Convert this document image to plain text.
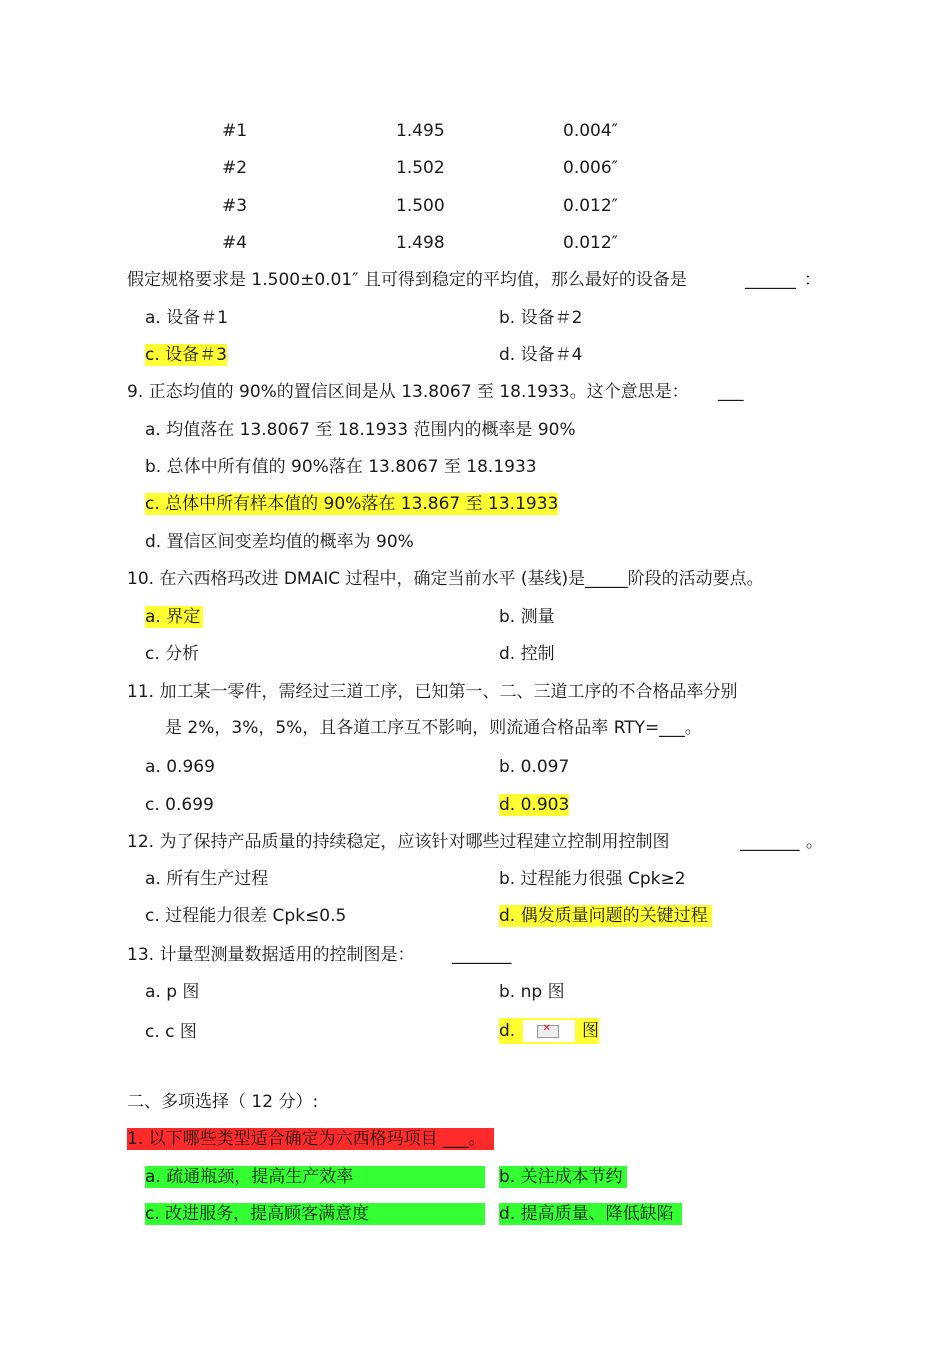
#1	1.495	0.004″
#2	1.502	0.006″
#3	1.500	0.012″
#4	1.498	0.012″
假定规格要求是 1.500±0.01″ 且可得到稳定的平均值，那么最好的设备是	______ ：
a. 设备＃1	b. 设备＃2
c. 设备＃3	d. 设备＃4
9. 正态均值的 90%的置信区间是从 13.8067 至 18.1933。这个意思是： ___
a. 均值落在 13.8067 至 18.1933 范围内的概率是 90%
b. 总体中所有值的 90%落在 13.8067 至 18.1933
c. 总体中所有样本值的 90%落在 13.867 至 13.1933
d. 置信区间变差均值的概率为 90%
10. 在六西格玛改进 DMAIC 过程中，确定当前水平 (基线)是_____阶段的活动要点。
a. 界定	b. 测量
c. 分析	d. 控制
11. 加工某一零件，需经过三道工序，已知第一、二、三道工序的不合格品率分别
是 2%，3%，5%，且各道工序互不影响，则流通合格品率 RTY=___。
a. 0.969	b. 0.097
c. 0.699	d. 0.903
12. 为了保持产品质量的持续稳定，应该针对哪些过程建立控制用控制图	_______ 。
a. 所有生产过程	b. 过程能力很强 Cpk≥2
c. 过程能力很差 Cpk≤0.5	d. 偶发质量问题的关键过程
13. 计量型测量数据适用的控制图是： _______
a. p 图	b. np 图
c. c 图	d.	✕ 图
二、多项选择（ 12 分）:
1. 以下哪些类型适合确定为六西格玛项目 ___。
a. 疏通瓶颈，提高生产效率	b. 关注成本节约
c. 改进服务，提高顾客满意度	d. 提高质量、降低缺陷
